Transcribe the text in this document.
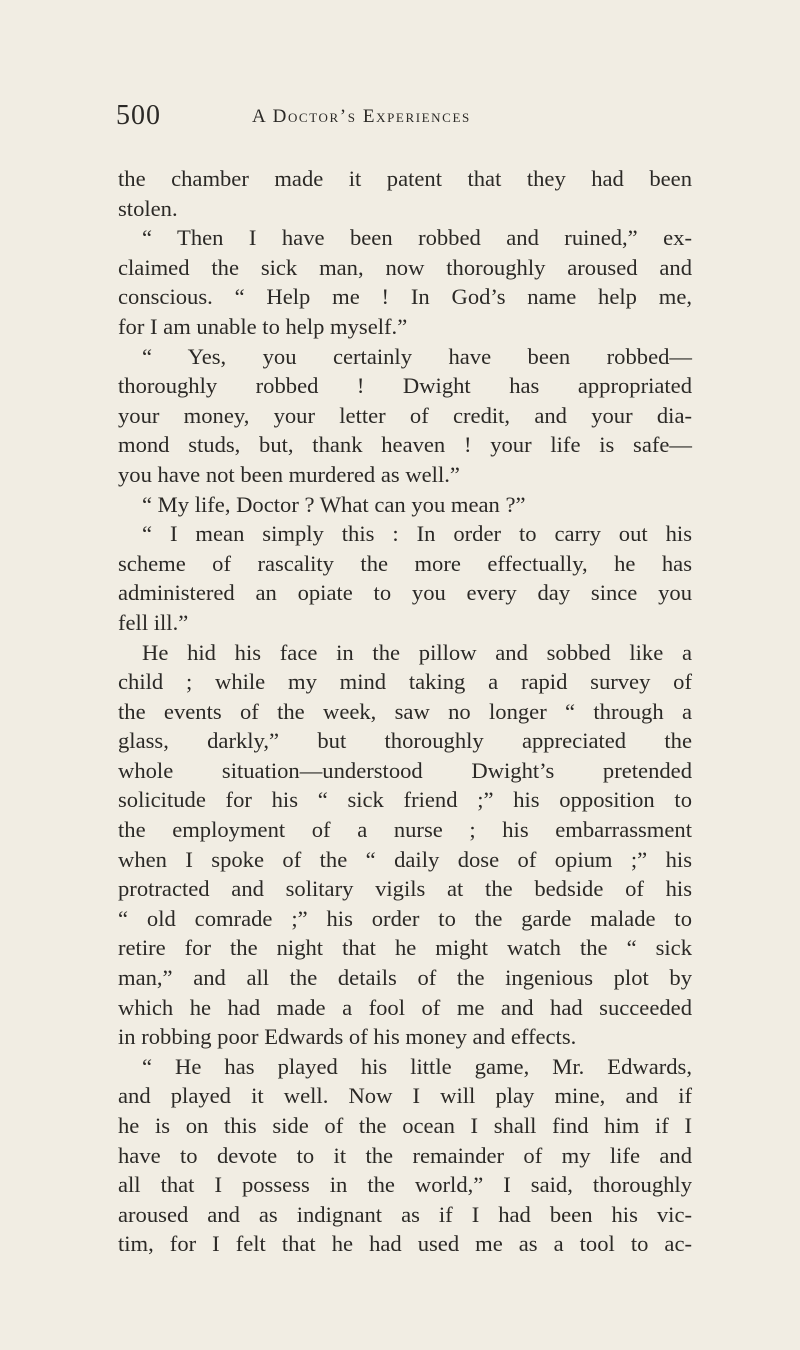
500	A Doctor’s Experiences
the chamber made it patent that they had been
stolen.
“ Then I have been robbed and ruined,” ex-
claimed the sick man, now thoroughly aroused and
conscious. “ Help me ! In God’s name help me,
for I am unable to help myself.”
“ Yes, you certainly have been robbed—
thoroughly robbed ! Dwight has appropriated
your money, your letter of credit, and your dia-
mond studs, but, thank heaven ! your life is safe—
you have not been murdered as well.”
“ My life, Doctor ? What can you mean ?”
“ I mean simply this : In order to carry out his
scheme of rascality the more effectually, he has
administered an opiate to you every day since you
fell ill.”
He hid his face in the pillow and sobbed like a
child ; while my mind taking a rapid survey of
the events of the week, saw no longer “ through a
glass, darkly,” but thoroughly appreciated the
whole situation—understood Dwight’s pretended
solicitude for his “ sick friend ;” his opposition to
the employment of a nurse ; his embarrassment
when I spoke of the “ daily dose of opium ;” his
protracted and solitary vigils at the bedside of his
“ old comrade ;” his order to the garde malade to
retire for the night that he might watch the “ sick
man,” and all the details of the ingenious plot by
which he had made a fool of me and had succeeded
in robbing poor Edwards of his money and effects.
“ He has played his little game, Mr. Edwards,
and played it well. Now I will play mine, and if
he is on this side of the ocean I shall find him if I
have to devote to it the remainder of my life and
all that I possess in the world,” I said, thoroughly
aroused and as indignant as if I had been his vic-
tim, for I felt that he had used me as a tool to ac-
